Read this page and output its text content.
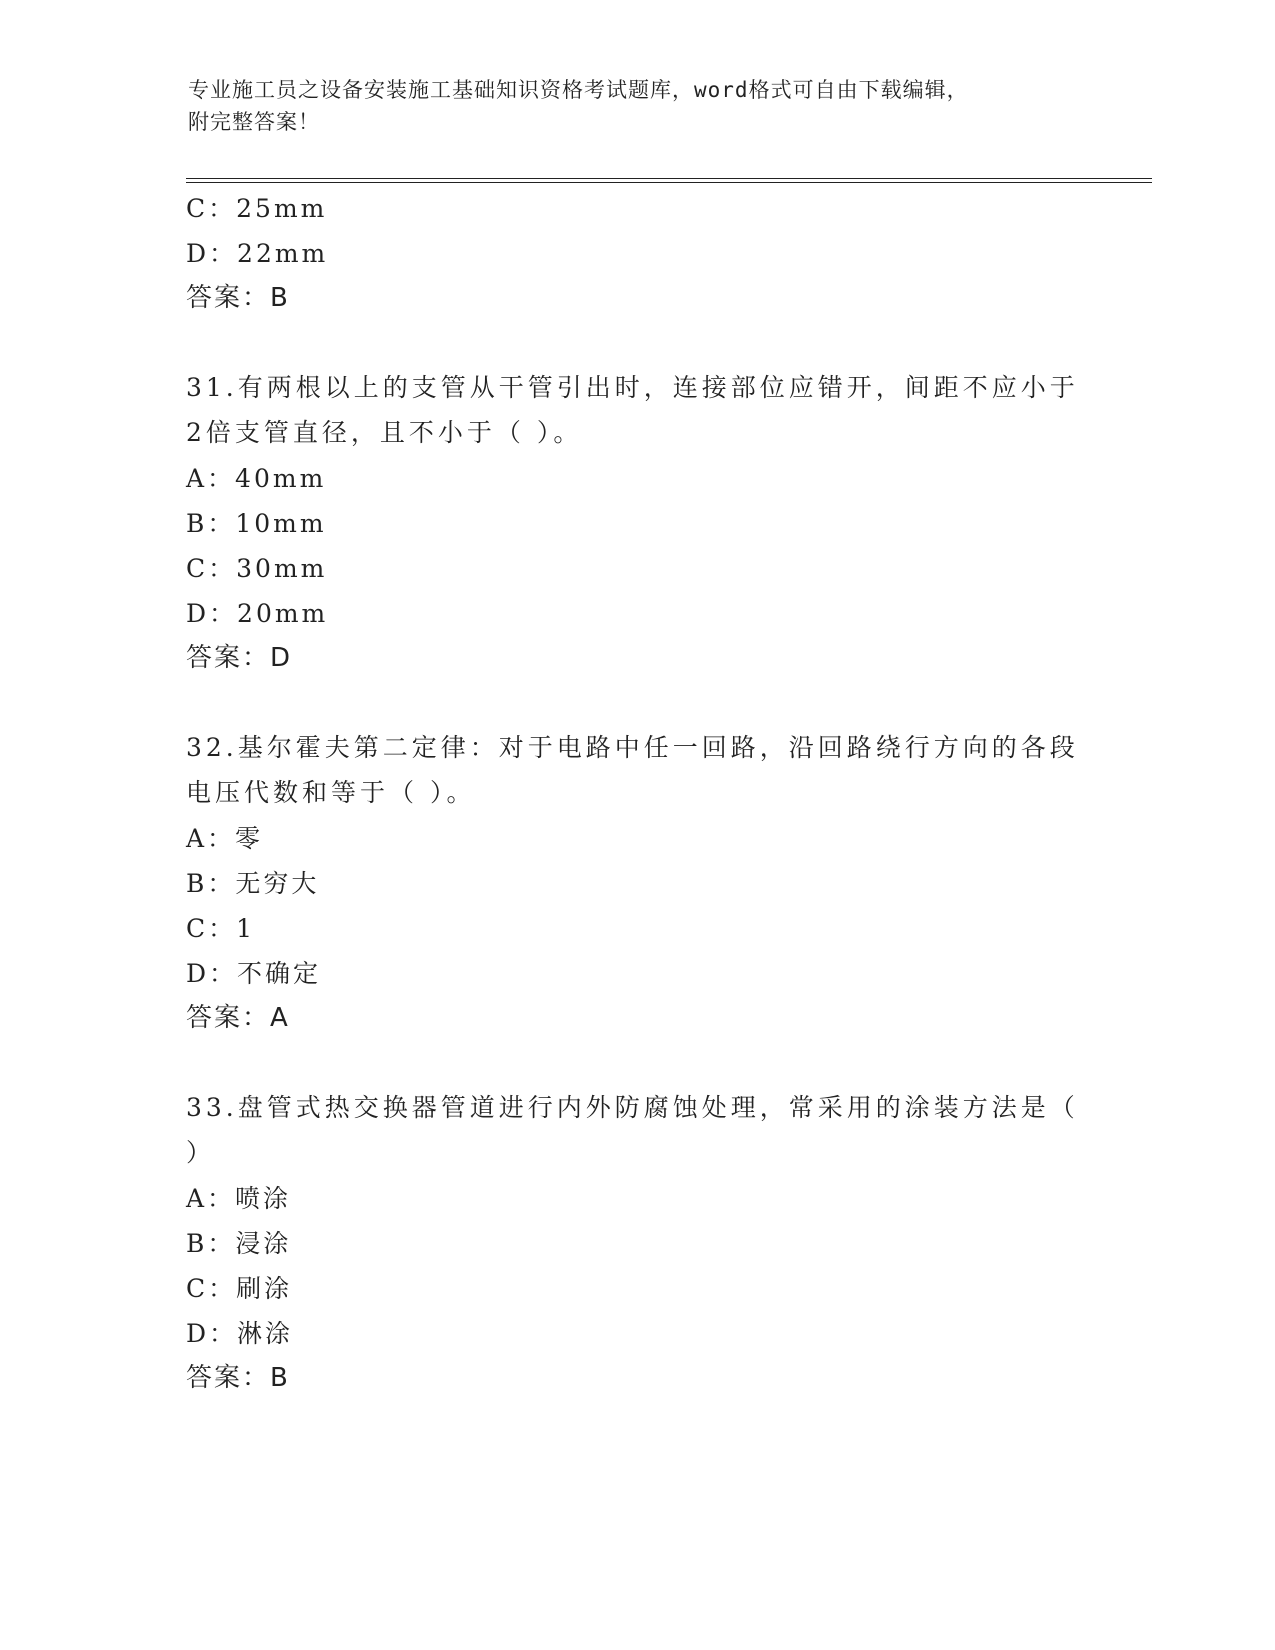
专业施工员之设备安装施工基础知识资格考试题库，word格式可自由下载编辑，
附完整答案！
C：25mm
D：22mm
答案：B
31.有两根以上的支管从干管引出时，连接部位应错开，间距不应小于
2倍支管直径，且不小于（ ）。
A：40mm
B：10mm
C：30mm
D：20mm
答案：D
32.基尔霍夫第二定律：对于电路中任一回路，沿回路绕行方向的各段
电压代数和等于（ ）。
A：零
B：无穷大
C：1
D：不确定
答案：A
33.盘管式热交换器管道进行内外防腐蚀处理，常采用的涂装方法是（
）
A：喷涂
B：浸涂
C：刷涂
D：淋涂
答案：B
